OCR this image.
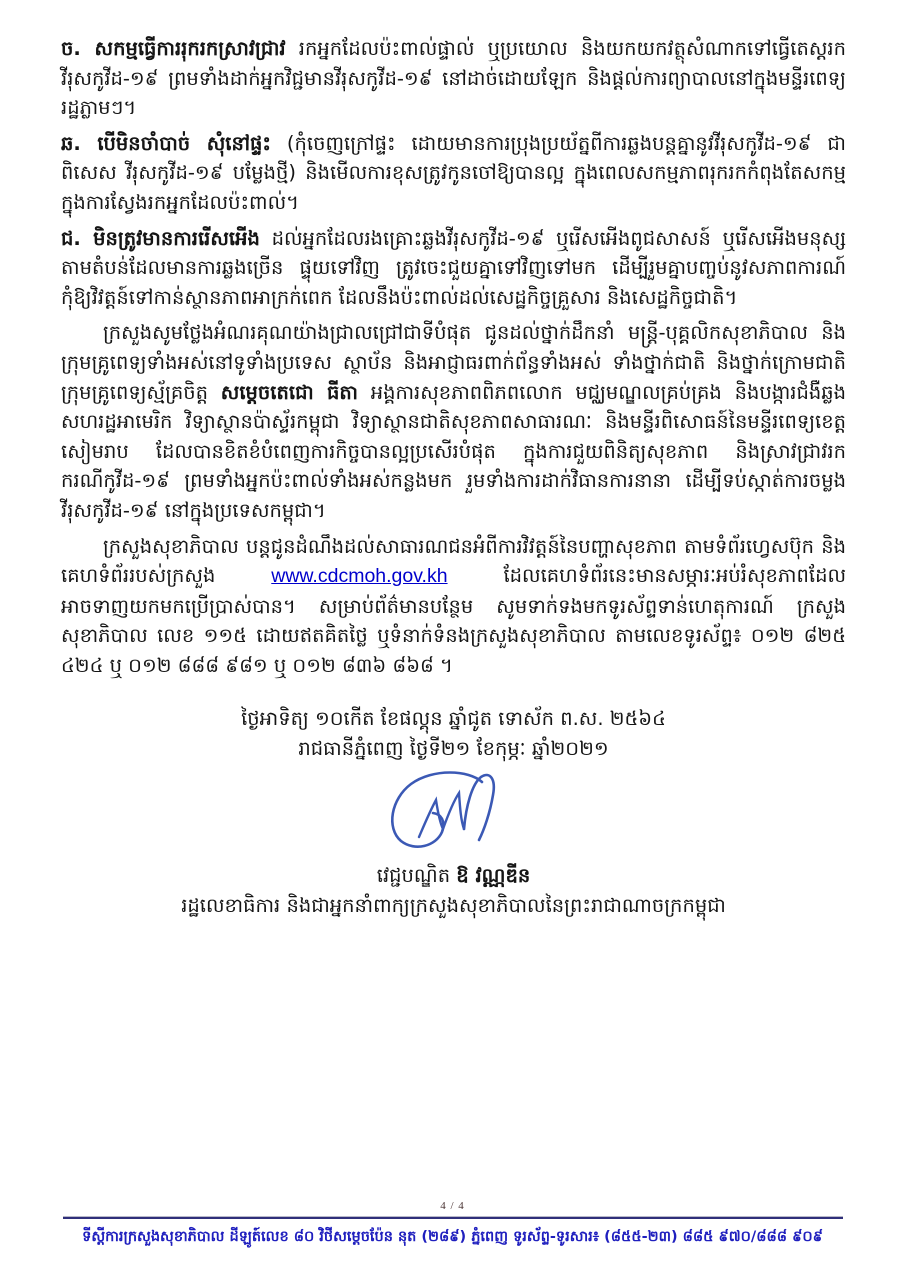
ច. សកម្មធ្វើការរុករកស្រាវជ្រាវ រកអ្នកដែលប៉ះពាល់ផ្ទាល់ ឬប្រយោល និងយកយកវត្ថុសំណាកទៅធ្វើតេស្តរកវីរុសកូវីដ-១៩ ព្រមទាំងដាក់អ្នកវិជ្ជមានវីរុសកូវីដ-១៩ នៅដាច់ដោយឡែក និងផ្តល់ការព្យាបាលនៅក្នុងមន្ទីរពេទ្យរដ្ឋភ្លាមៗ។

ឆ. បើមិនចាំបាច់ សុំនៅផ្ទះ (កុំចេញក្រៅផ្ទះ ដោយមានការប្រុងប្រយ័ត្នពីការឆ្លងបន្តគ្នានូវវីរុសកូវីដ-១៩ ជាពិសេស វីរុសកូវីដ-១៩ បម្លែងថ្មី) និងមើលការខុសត្រូវកូនចៅឱ្យបានល្អ ក្នុងពេលសកម្មភាពរុករកកំពុងតែសកម្ម ក្នុងការស្វែងរកអ្នកដែលប៉ះពាល់។

ជ. មិនត្រូវមានការរើសអើង ដល់អ្នកដែលរងគ្រោះឆ្លងវីរុសកូវីដ-១៩ ឬរើសអើងពូជសាសន៍ ឬរើសអើងមនុស្សតាមតំបន់ដែលមានការឆ្លងច្រើន ផ្ទុយទៅវិញ ត្រូវចេះជួយគ្នាទៅវិញទៅមក ដើម្បីរួមគ្នាបញ្ចប់នូវសភាពការណ៍ កុំឱ្យវិវត្តន៍ទៅកាន់ស្ថានភាពអាក្រក់ពេក ដែលនឹងប៉ះពាល់ដល់សេដ្ឋកិច្ចគ្រួសារ និងសេដ្ឋកិច្ចជាតិ។

ក្រសួងសូមថ្លែងអំណរគុណយ៉ាងជ្រាលជ្រៅជាទីបំផុត ជូនដល់ថ្នាក់ដឹកនាំ មន្ត្រី-បុគ្គលិកសុខាភិបាល និងក្រុមគ្រូពេទ្យទាំងអស់នៅទូទាំងប្រទេស ស្ថាប័ន និងអាជ្ញាធរពាក់ព័ន្ធទាំងអស់ ទាំងថ្នាក់ជាតិ និងថ្នាក់ក្រោមជាតិ ក្រុមគ្រូពេទ្យស្ម័គ្រចិត្ត សម្តេចតេជោ ធីតា អង្គការសុខភាពពិភពលោក មជ្ឈមណ្ឌលគ្រប់គ្រង និងបង្ការជំងឺឆ្លង សហរដ្ឋអាមេរិក វិទ្យាស្ថានប៉ាស្ទ័រកម្ពុជា វិទ្យាស្ថានជាតិសុខភាពសាធារណៈ និងមន្ទីរពិសោធន៍នៃមន្ទីរពេទ្យខេត្តសៀមរាប ដែលបានខិតខំបំពេញការកិច្ចបានល្អប្រសើរបំផុត ក្នុងការជួយពិនិត្យសុខភាព និងស្រាវជ្រាវរកករណីកូវីដ-១៩ ព្រមទាំងអ្នកប៉ះពាល់ទាំងអស់កន្លងមក រួមទាំងការដាក់វិធានការនានា ដើម្បីទប់ស្កាត់ការចម្លងវីរុសកូវីដ-១៩ នៅក្នុងប្រទេសកម្ពុជា។

ក្រសួងសុខាភិបាល បន្តជូនដំណឹងដល់សាធារណជនអំពីការវិវត្តន៍នៃបញ្ហាសុខភាព តាមទំព័រហ្វេសប៊ុក និងគេហទំព័ររបស់ក្រសួង www.cdcmoh.gov.kh ដែលគេហទំព័រនេះមានសម្ភារៈអប់រំសុខភាពដែលអាចទាញយកមកប្រើប្រាស់បាន។ សម្រាប់ព័ត៌មានបន្ថែម សូមទាក់ទងមកទូរស័ព្ទទាន់ហេតុការណ៍ ក្រសួងសុខាភិបាល លេខ ១១៥ ដោយឥតគិតថ្លៃ ឬទំនាក់ទំនងក្រសួងសុខាភិបាល តាមលេខទូរស័ព្ទ៖ ០១២ ៨២៥ ៤២៤ ឬ ០១២ ៨៨៨ ៩៨១ ឬ ០១២ ៨៣៦ ៨៦៨ ។

ថ្ងៃអាទិត្យ ១០កើត ខែផល្គុន ឆ្នាំជូត ទោស័ក ព.ស. ២៥៦៤
រាជធានីភ្នំពេញ ថ្ងៃទី២១ ខែកុម្ភៈ ឆ្នាំ២០២១
វេជ្ជបណ្ឌិត ឱ វណ្ណឌីន
រដ្ឋលេខាធិការ និងជាអ្នកនាំពាក្យក្រសួងសុខាភិបាលនៃព្រះរាជាណាចក្រកម្ពុជា
4 / 4
ទីស្តីការក្រសួងសុខាភិបាល ដីឡូត៍លេខ ៨០ វិថីសម្តេចប៉ែន នុត (២៨៩) ភ្នំពេញ ទូរស័ព្ទ-ទូរសារ៖ (៨៥៥-២៣) ៨៨៥ ៩៧០/៨៨៨ ៩០៩
